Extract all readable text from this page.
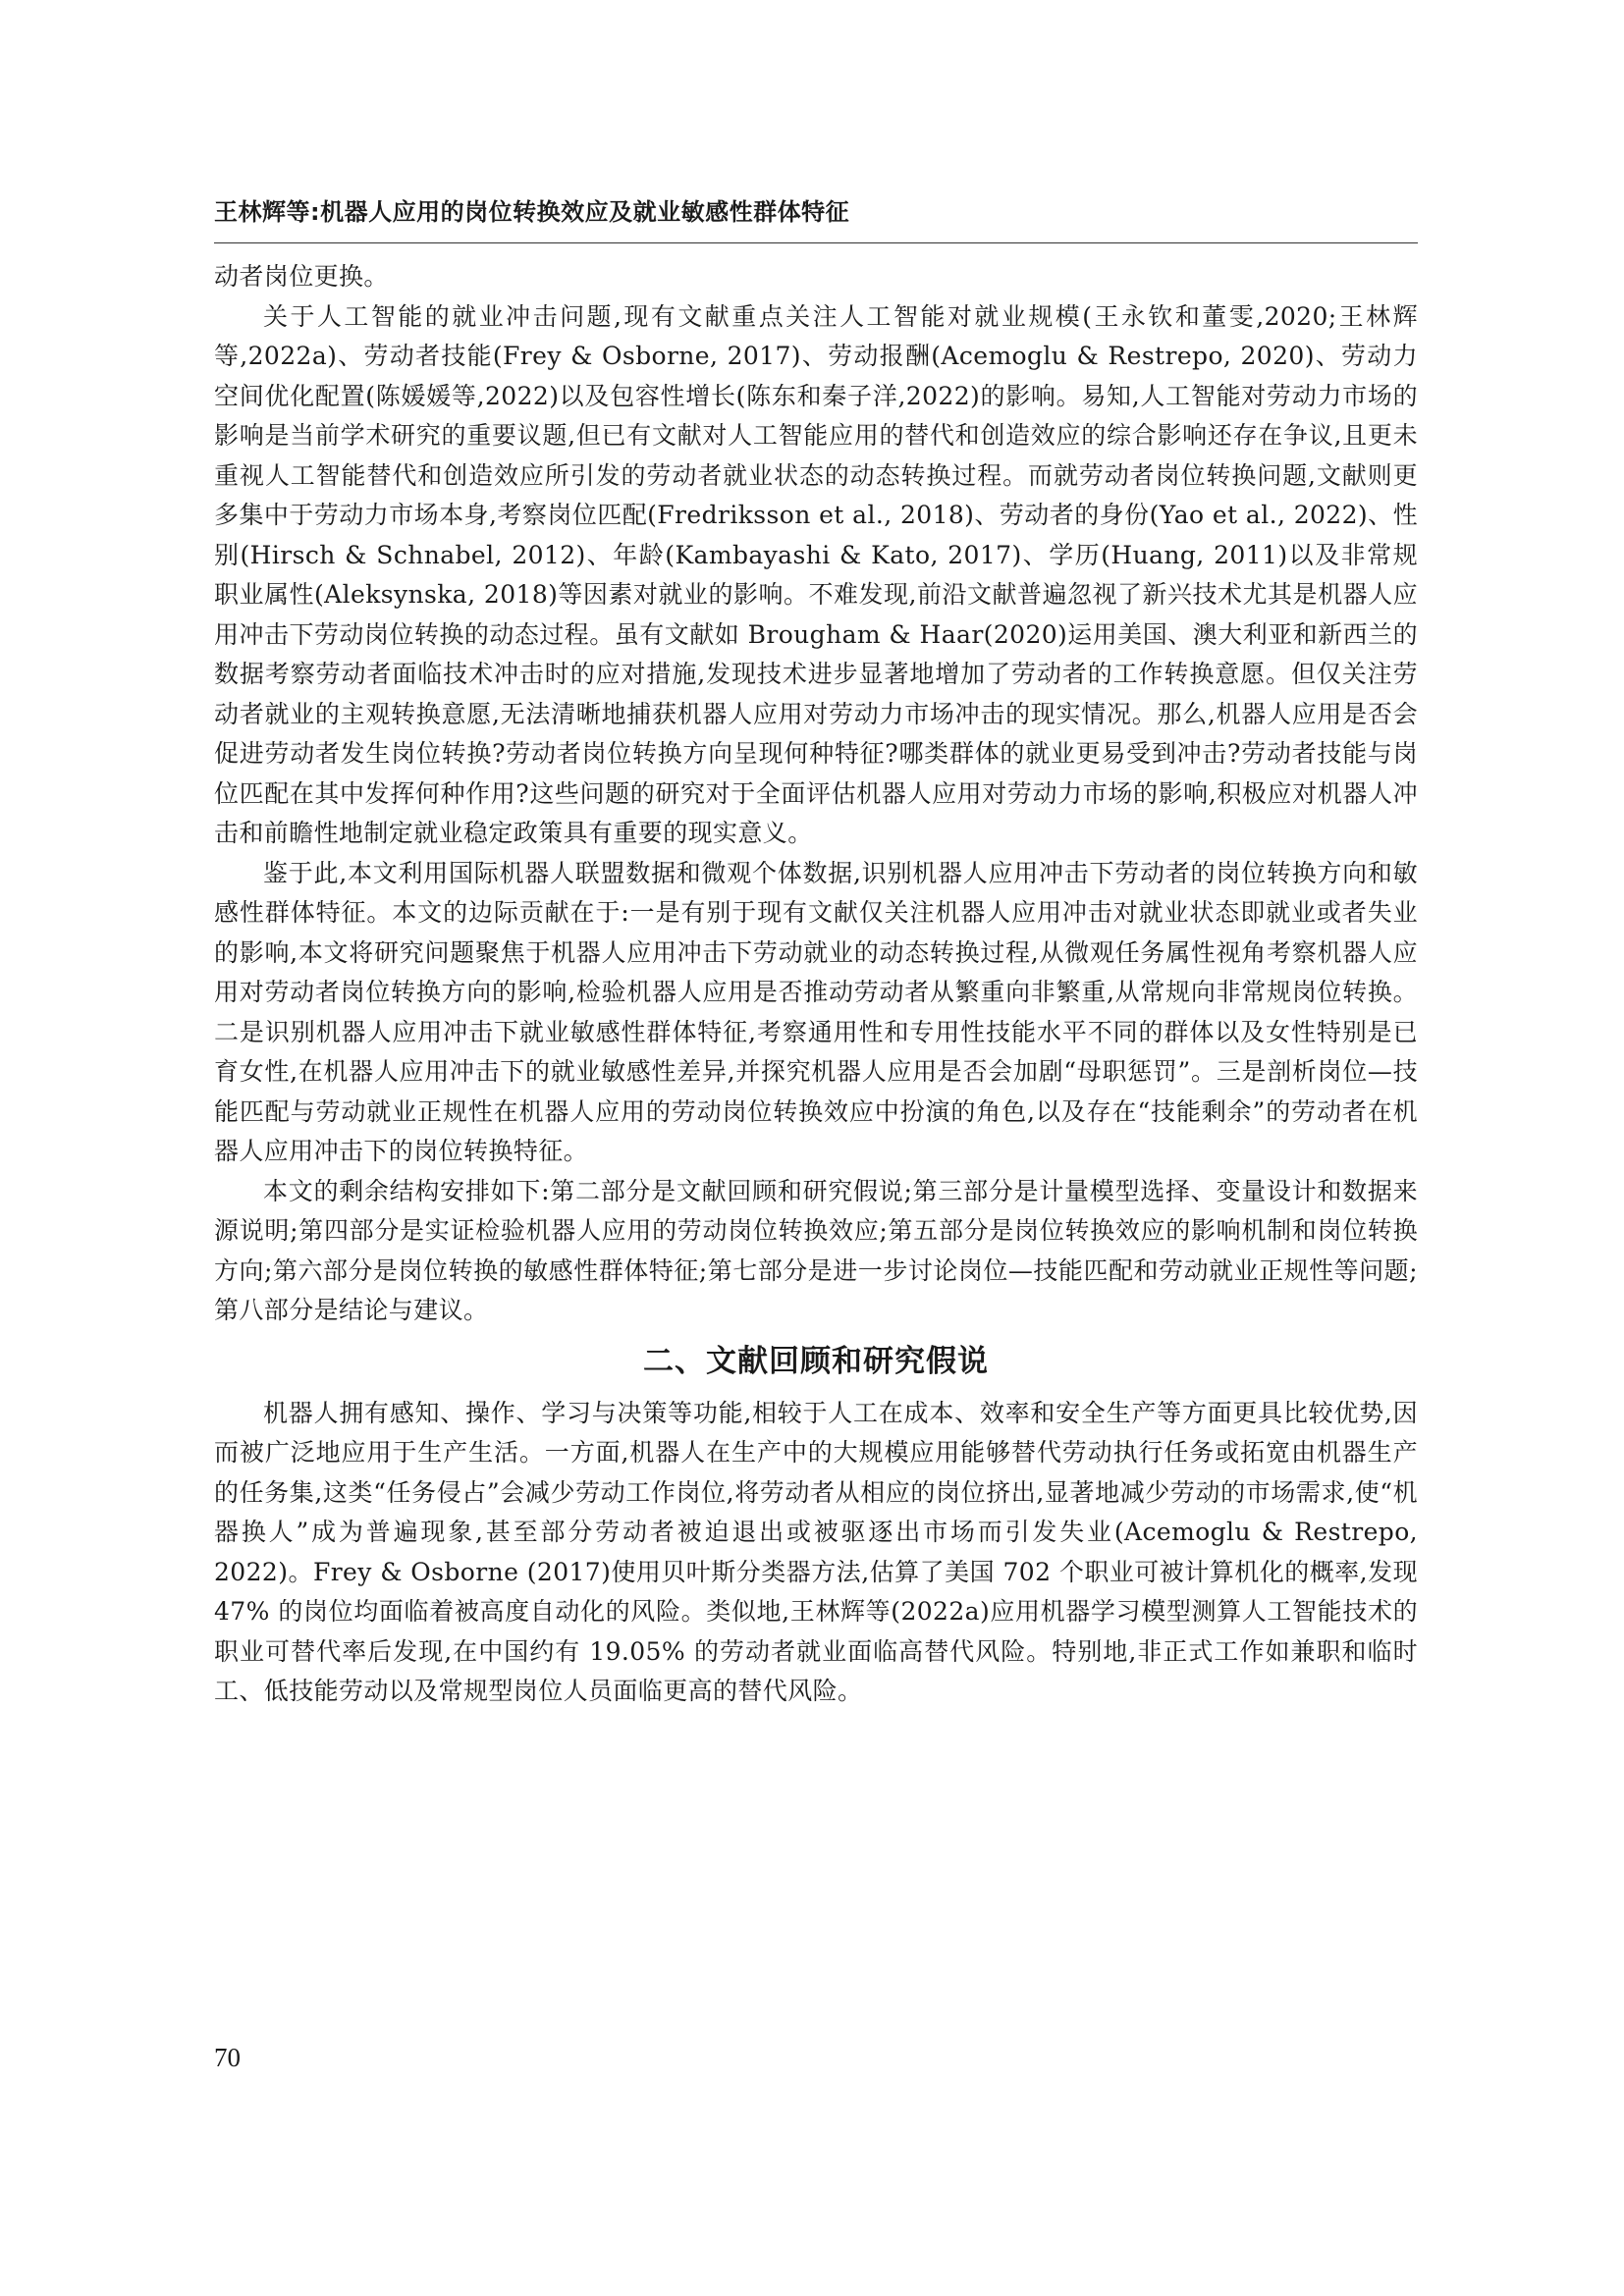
王林辉等:机器人应用的岗位转换效应及就业敏感性群体特征

动者岗位更换。

关于人工智能的就业冲击问题,现有文献重点关注人工智能对就业规模(王永钦和董雯,2020;王林辉等,2022a)、劳动者技能(Frey & Osborne, 2017)、劳动报酬(Acemoglu & Restrepo, 2020)、劳动力空间优化配置(陈媛媛等,2022)以及包容性增长(陈东和秦子洋,2022)的影响。易知,人工智能对劳动力市场的影响是当前学术研究的重要议题,但已有文献对人工智能应用的替代和创造效应的综合影响还存在争议,且更未重视人工智能替代和创造效应所引发的劳动者就业状态的动态转换过程。而就劳动者岗位转换问题,文献则更多集中于劳动力市场本身,考察岗位匹配(Fredriksson et al., 2018)、劳动者的身份(Yao et al., 2022)、性别(Hirsch & Schnabel, 2012)、年龄(Kambayashi & Kato, 2017)、学历(Huang, 2011)以及非常规职业属性(Aleksynska, 2018)等因素对就业的影响。不难发现,前沿文献普遍忽视了新兴技术尤其是机器人应用冲击下劳动岗位转换的动态过程。虽有文献如 Brougham & Haar(2020)运用美国、澳大利亚和新西兰的数据考察劳动者面临技术冲击时的应对措施,发现技术进步显著地增加了劳动者的工作转换意愿。但仅关注劳动者就业的主观转换意愿,无法清晰地捕获机器人应用对劳动力市场冲击的现实情况。那么,机器人应用是否会促进劳动者发生岗位转换?劳动者岗位转换方向呈现何种特征?哪类群体的就业更易受到冲击?劳动者技能与岗位匹配在其中发挥何种作用?这些问题的研究对于全面评估机器人应用对劳动力市场的影响,积极应对机器人冲击和前瞻性地制定就业稳定政策具有重要的现实意义。

鉴于此,本文利用国际机器人联盟数据和微观个体数据,识别机器人应用冲击下劳动者的岗位转换方向和敏感性群体特征。本文的边际贡献在于:一是有别于现有文献仅关注机器人应用冲击对就业状态即就业或者失业的影响,本文将研究问题聚焦于机器人应用冲击下劳动就业的动态转换过程,从微观任务属性视角考察机器人应用对劳动者岗位转换方向的影响,检验机器人应用是否推动劳动者从繁重向非繁重,从常规向非常规岗位转换。二是识别机器人应用冲击下就业敏感性群体特征,考察通用性和专用性技能水平不同的群体以及女性特别是已育女性,在机器人应用冲击下的就业敏感性差异,并探究机器人应用是否会加剧“母职惩罚”。三是剖析岗位—技能匹配与劳动就业正规性在机器人应用的劳动岗位转换效应中扮演的角色,以及存在“技能剩余”的劳动者在机器人应用冲击下的岗位转换特征。

本文的剩余结构安排如下:第二部分是文献回顾和研究假说;第三部分是计量模型选择、变量设计和数据来源说明;第四部分是实证检验机器人应用的劳动岗位转换效应;第五部分是岗位转换效应的影响机制和岗位转换方向;第六部分是岗位转换的敏感性群体特征;第七部分是进一步讨论岗位—技能匹配和劳动就业正规性等问题;第八部分是结论与建议。

二、文献回顾和研究假说

机器人拥有感知、操作、学习与决策等功能,相较于人工在成本、效率和安全生产等方面更具比较优势,因而被广泛地应用于生产生活。一方面,机器人在生产中的大规模应用能够替代劳动执行任务或拓宽由机器生产的任务集,这类“任务侵占”会减少劳动工作岗位,将劳动者从相应的岗位挤出,显著地减少劳动的市场需求,使“机器换人”成为普遍现象,甚至部分劳动者被迫退出或被驱逐出市场而引发失业(Acemoglu & Restrepo, 2022)。Frey & Osborne (2017)使用贝叶斯分类器方法,估算了美国 702 个职业可被计算机化的概率,发现 47% 的岗位均面临着被高度自动化的风险。类似地,王林辉等(2022a)应用机器学习模型测算人工智能技术的职业可替代率后发现,在中国约有 19.05% 的劳动者就业面临高替代风险。特别地,非正式工作如兼职和临时工、低技能劳动以及常规型岗位人员面临更高的替代风险。

70
